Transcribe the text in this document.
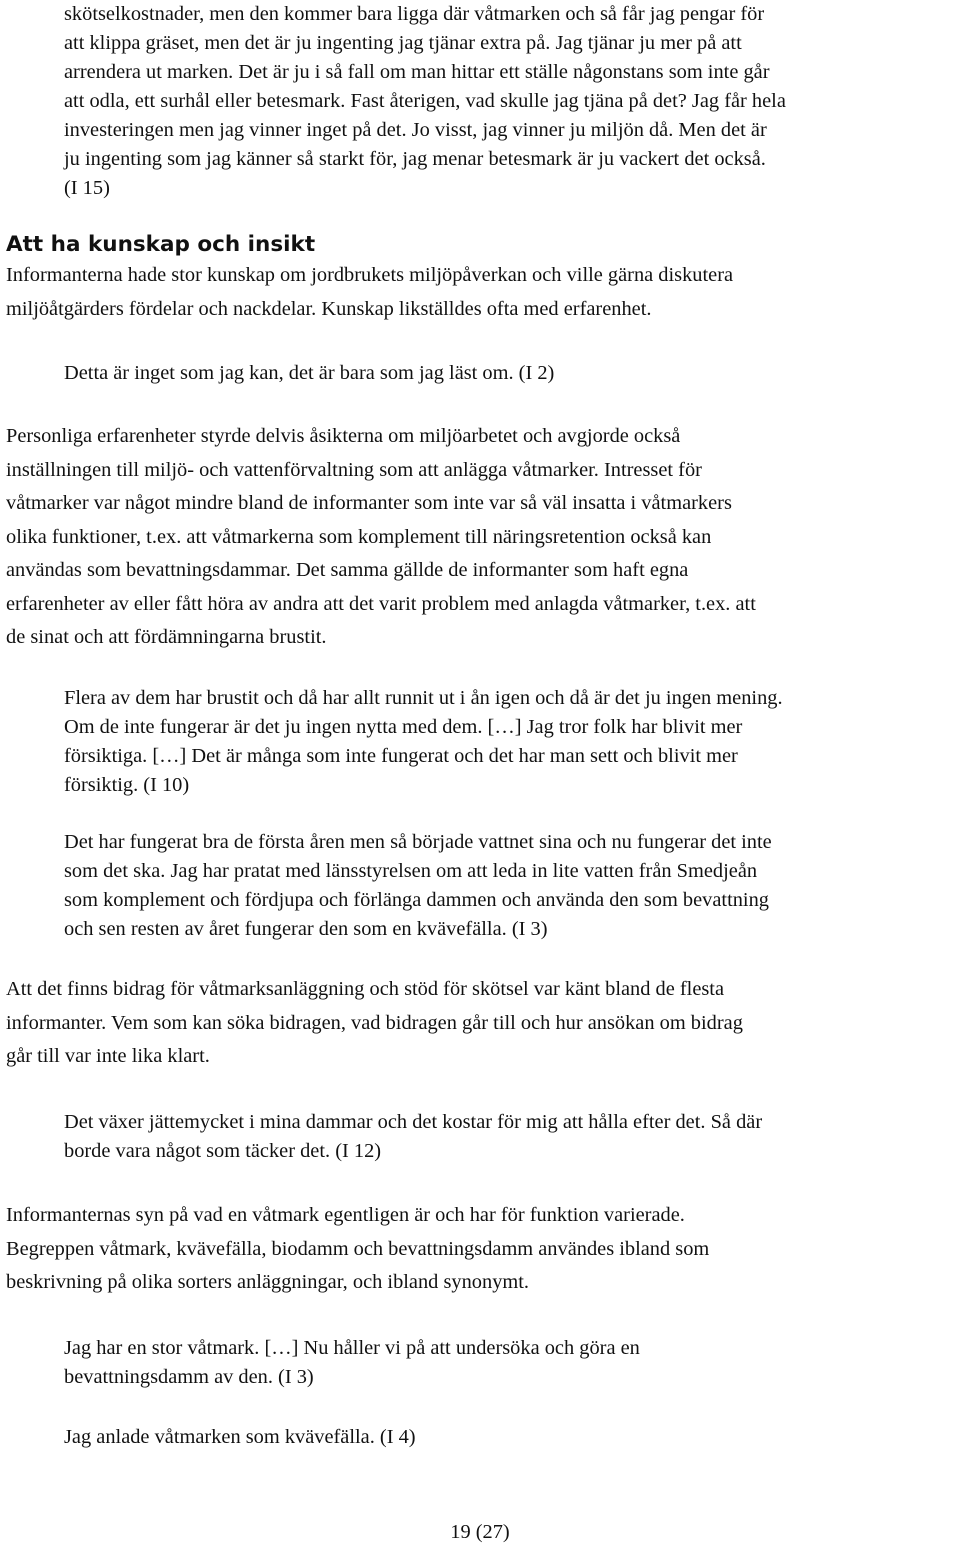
skötselkostnader, men den kommer bara ligga där våtmarken och så får jag pengar för
att klippa gräset, men det är ju ingenting jag tjänar extra på. Jag tjänar ju mer på att
arrendera ut marken. Det är ju i så fall om man hittar ett ställe någonstans som inte går
att odla, ett surhål eller betesmark. Fast återigen, vad skulle jag tjäna på det? Jag får hela
investeringen men jag vinner inget på det. Jo visst, jag vinner ju miljön då. Men det är
ju ingenting som jag känner så starkt för, jag menar betesmark är ju vackert det också.
(I 15)

Att ha kunskap och insikt

Informanterna hade stor kunskap om jordbrukets miljöpåverkan och ville gärna diskutera
miljöåtgärders fördelar och nackdelar. Kunskap likställdes ofta med erfarenhet.

Detta är inget som jag kan, det är bara som jag läst om. (I 2)

Personliga erfarenheter styrde delvis åsikterna om miljöarbetet och avgjorde också
inställningen till miljö- och vattenförvaltning som att anlägga våtmarker. Intresset för
våtmarker var något mindre bland de informanter som inte var så väl insatta i våtmarkers
olika funktioner, t.ex. att våtmarkerna som komplement till näringsretention också kan
användas som bevattningsdammar. Det samma gällde de informanter som haft egna
erfarenheter av eller fått höra av andra att det varit problem med anlagda våtmarker, t.ex. att
de sinat och att fördämningarna brustit.

Flera av dem har brustit och då har allt runnit ut i ån igen och då är det ju ingen mening.
Om de inte fungerar är det ju ingen nytta med dem. […] Jag tror folk har blivit mer
försiktiga. […] Det är många som inte fungerat och det har man sett och blivit mer
försiktig. (I 10)

Det har fungerat bra de första åren men så började vattnet sina och nu fungerar det inte
som det ska. Jag har pratat med länsstyrelsen om att leda in lite vatten från Smedjeån
som komplement och fördjupa och förlänga dammen och använda den som bevattning
och sen resten av året fungerar den som en kvävefälla. (I 3)

Att det finns bidrag för våtmarksanläggning och stöd för skötsel var känt bland de flesta
informanter. Vem som kan söka bidragen, vad bidragen går till och hur ansökan om bidrag
går till var inte lika klart.

Det växer jättemycket i mina dammar och det kostar för mig att hålla efter det. Så där
borde vara något som täcker det. (I 12)

Informanternas syn på vad en våtmark egentligen är och har för funktion varierade.
Begreppen våtmark, kvävefälla, biodamm och bevattningsdamm användes ibland som
beskrivning på olika sorters anläggningar, och ibland synonymt.

Jag har en stor våtmark. […] Nu håller vi på att undersöka och göra en
bevattningsdamm av den. (I 3)

Jag anlade våtmarken som kvävefälla. (I 4)

19 (27)
